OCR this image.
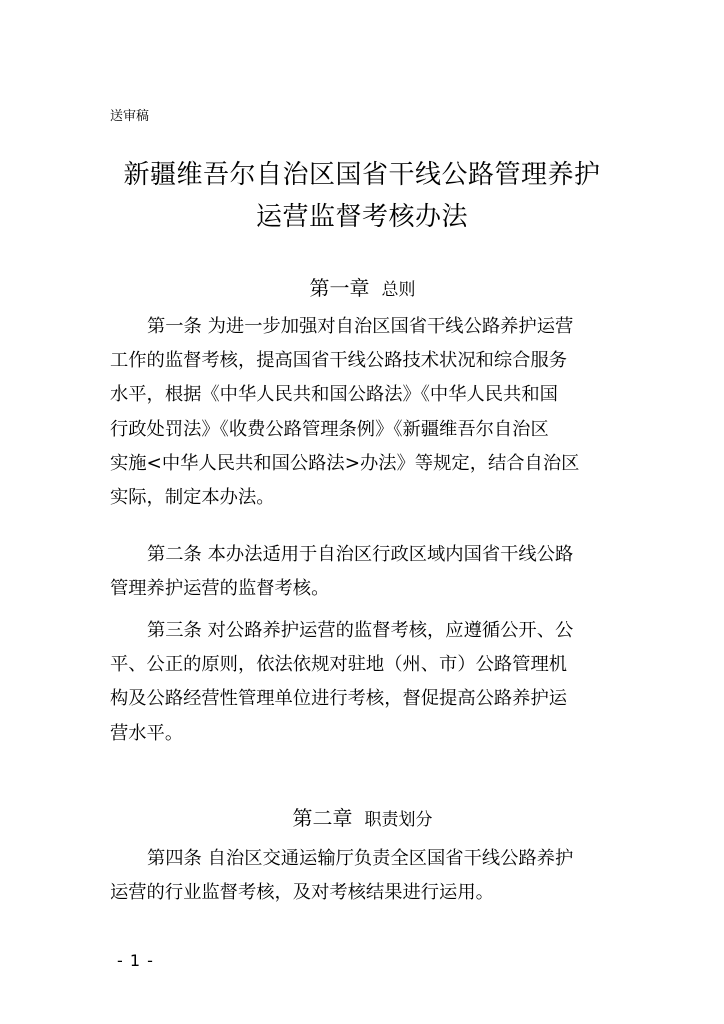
送审稿
新疆维吾尔自治区国省干线公路管理养护
运营监督考核办法
第一章 总则
第一条 为进一步加强对自治区国省干线公路养护运营
工作的监督考核，提高国省干线公路技术状况和综合服务
水平，根据《中华人民共和国公路法》《中华人民共和国
行政处罚法》《收费公路管理条例》《新疆维吾尔自治区
实施<中华人民共和国公路法>办法》等规定，结合自治区
实际，制定本办法。
第二条 本办法适用于自治区行政区域内国省干线公路
管理养护运营的监督考核。
第三条 对公路养护运营的监督考核，应遵循公开、公
平、公正的原则，依法依规对驻地（州、市）公路管理机
构及公路经营性管理单位进行考核，督促提高公路养护运
营水平。
第二章 职责划分
第四条 自治区交通运输厅负责全区国省干线公路养护
运营的行业监督考核，及对考核结果进行运用。
- 1 -
